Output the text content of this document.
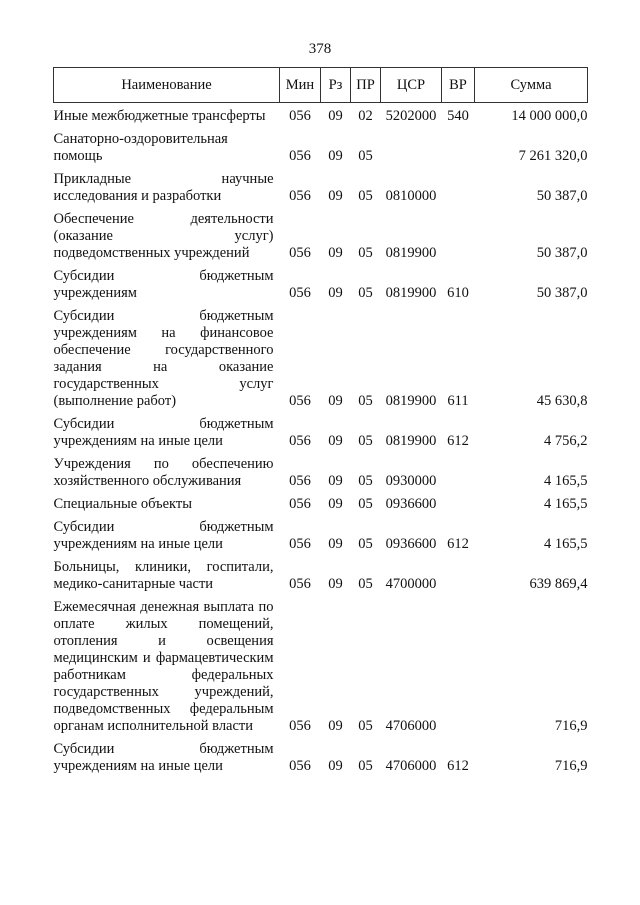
378
Наименование	Мин	Рз	ПР	ЦСР	ВР	Сумма
Иные межбюджетные трансферты	056	09	02	5202000	540	14 000 000,0
Санаторно-оздоровительная помощь	056	09	05			7 261 320,0
Прикладные научные исследования и разработки	056	09	05	0810000		50 387,0
Обеспечение деятельности (оказание услуг) подведомственных учреждений	056	09	05	0819900		50 387,0
Субсидии бюджетным учреждениям	056	09	05	0819900	610	50 387,0
Субсидии бюджетным учреждениям на финансовое обеспечение государственного задания на оказание государственных услуг (выполнение работ)	056	09	05	0819900	611	45 630,8
Субсидии бюджетным учреждениям на иные цели	056	09	05	0819900	612	4 756,2
Учреждения по обеспечению хозяйственного обслуживания	056	09	05	0930000		4 165,5
Специальные объекты	056	09	05	0936600		4 165,5
Субсидии бюджетным учреждениям на иные цели	056	09	05	0936600	612	4 165,5
Больницы, клиники, госпитали, медико-санитарные части	056	09	05	4700000		639 869,4
Ежемесячная денежная выплата по оплате жилых помещений, отопления и освещения медицинским и фармацевтическим работникам федеральных государственных учреждений, подведомственных федеральным органам исполнительной власти	056	09	05	4706000		716,9
Субсидии бюджетным учреждениям на иные цели	056	09	05	4706000	612	716,9
